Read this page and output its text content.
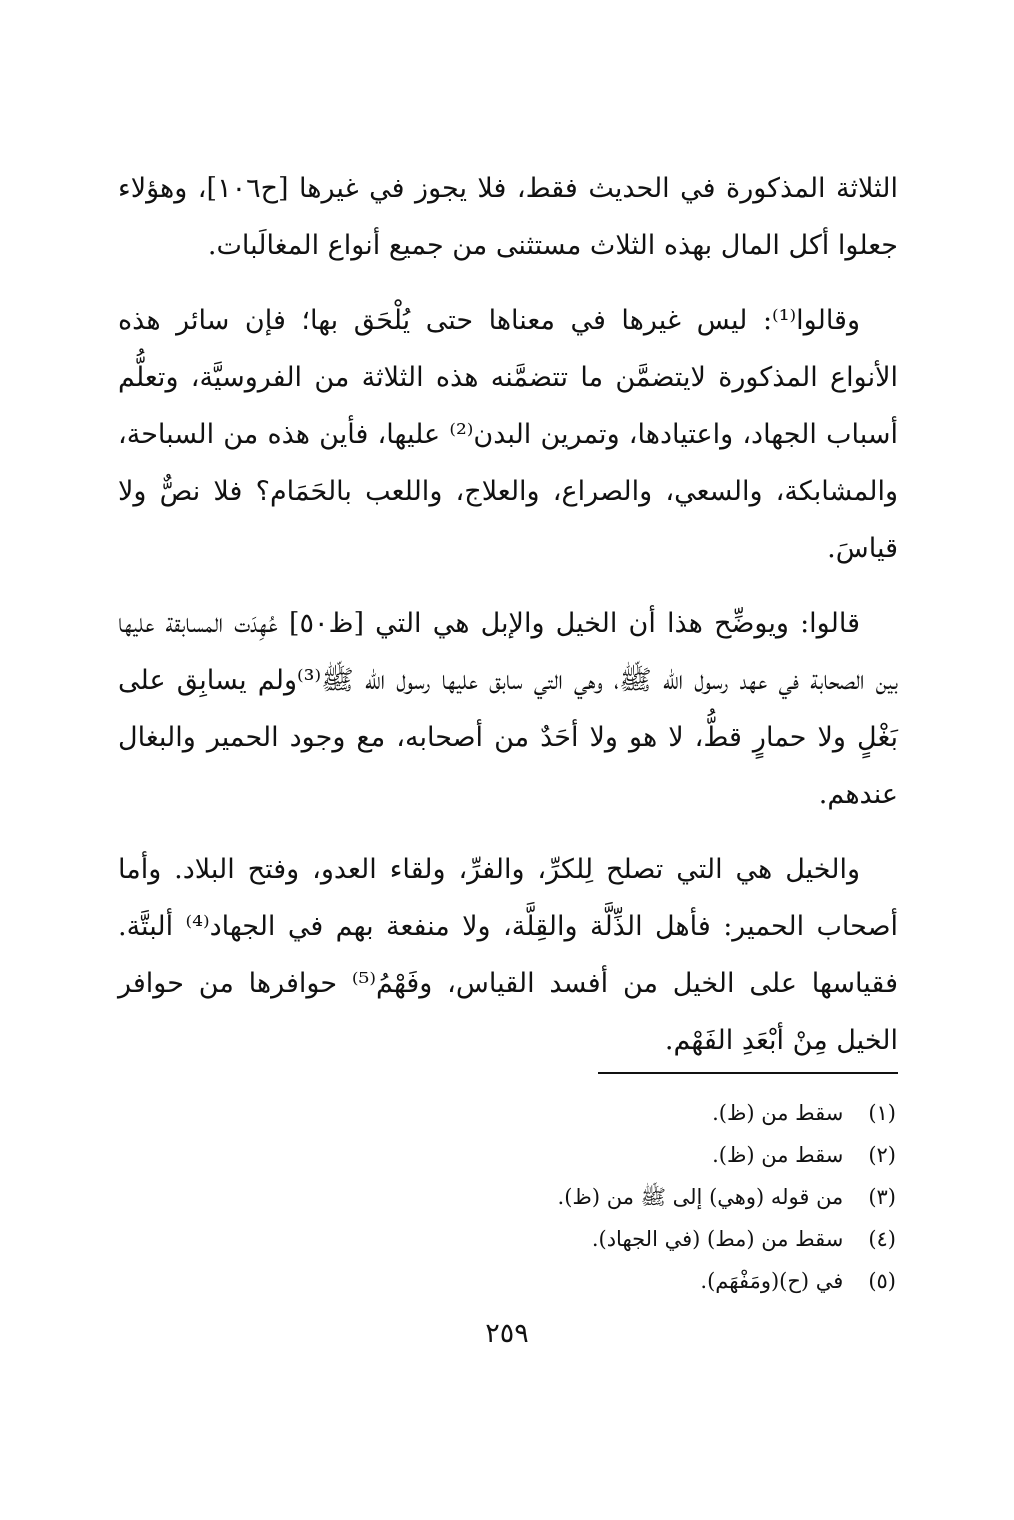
الثلاثة المذكورة في الحديث فقط، فلا يجوز في غيرها [ح١٠٦]، وهؤلاء جعلوا أكل المال بهذه الثلاث مستثنى من جميع أنواع المغالَبات.

وقالوا⁽¹⁾: ليس غيرها في معناها حتى يُلْحَق بها؛ فإن سائر هذه الأنواع المذكورة لايتضمَّن ما تتضمَّنه هذه الثلاثة من الفروسيَّة، وتعلُّم أسباب الجهاد، واعتيادها، وتمرين البدن⁽²⁾ عليها، فأين هذه من السباحة، والمشابكة، والسعي، والصراع، والعلاج، واللعب بالحَمَام؟ فلا نصٌّ ولا قياسَ.

قالوا: ويوضِّح هذا أن الخيل والإبل هي التي [ظ٥٠] عُهِدَت المسابقة عليها بين الصحابة في عهد رسول الله ﷺ، وهي التي سابق عليها رسول الله ﷺ⁽³⁾ولم يسابِق على بَغْلٍ ولا حمارٍ قطُّ، لا هو ولا أحَدٌ من أصحابه، مع وجود الحمير والبغال عندهم.

والخيل هي التي تصلح لِلكرِّ، والفرِّ، ولقاء العدو، وفتح البلاد. وأما أصحاب الحمير: فأهل الذِّلَّة والقِلَّة، ولا منفعة بهم في الجهاد⁽⁴⁾ ألبتَّة. فقياسها على الخيل من أفسد القياس، وفَهْمُ⁽⁵⁾ حوافرها من حوافر الخيل مِنْ أبْعَدِ الفَهْم.

(١) سقط من (ظ).
(٢) سقط من (ظ).
(٣) من قوله (وهي) إلى ﷺ من (ظ).
(٤) سقط من (مط) (في الجهاد).
(٥) في (ح)(ومَفْهَم).
٢٥٩
